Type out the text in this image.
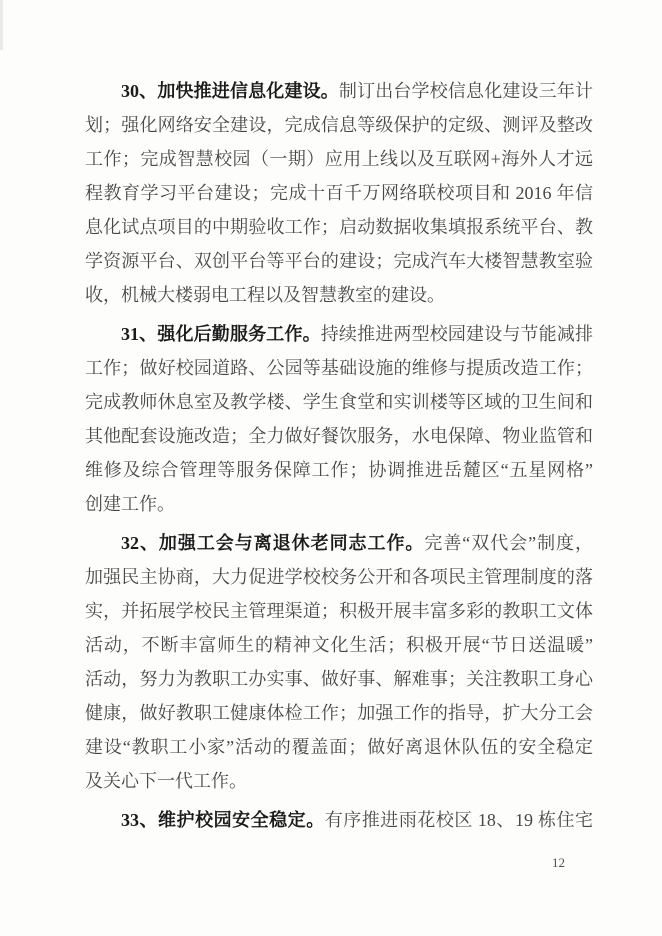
30、加快推进信息化建设。制订出台学校信息化建设三年计
划；强化网络安全建设，完成信息等级保护的定级、测评及整改
工作；完成智慧校园（一期）应用上线以及互联网+海外人才远
程教育学习平台建设；完成十百千万网络联校项目和 2016 年信
息化试点项目的中期验收工作；启动数据收集填报系统平台、教
学资源平台、双创平台等平台的建设；完成汽车大楼智慧教室验
收，机械大楼弱电工程以及智慧教室的建设。
31、强化后勤服务工作。持续推进两型校园建设与节能减排
工作；做好校园道路、公园等基础设施的维修与提质改造工作；
完成教师休息室及教学楼、学生食堂和实训楼等区域的卫生间和
其他配套设施改造；全力做好餐饮服务，水电保障、物业监管和
维修及综合管理等服务保障工作；协调推进岳麓区“五星网格”
创建工作。
32、加强工会与离退休老同志工作。完善“双代会”制度，
加强民主协商，大力促进学校校务公开和各项民主管理制度的落
实，并拓展学校民主管理渠道；积极开展丰富多彩的教职工文体
活动，不断丰富师生的精神文化生活；积极开展“节日送温暖”
活动，努力为教职工办实事、做好事、解难事；关注教职工身心
健康，做好教职工健康体检工作；加强工作的指导，扩大分工会
建设“教职工小家”活动的覆盖面；做好离退休队伍的安全稳定
及关心下一代工作。
33、维护校园安全稳定。有序推进雨花校区 18、19 栋住宅
12
